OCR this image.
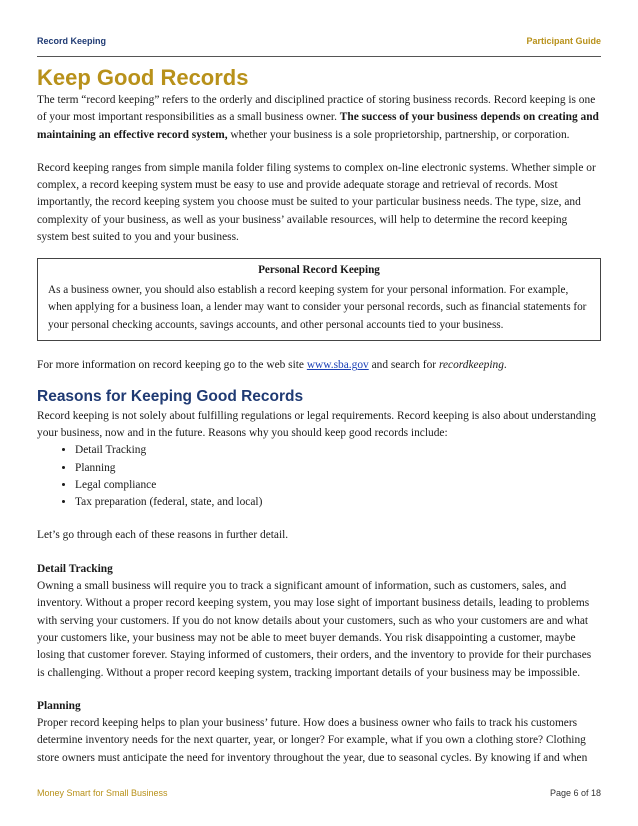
Record Keeping	Participant Guide
Keep Good Records

The term “record keeping” refers to the orderly and disciplined practice of storing business records. Record keeping is one of your most important responsibilities as a small business owner. The success of your business depends on creating and maintaining an effective record system, whether your business is a sole proprietorship, partnership, or corporation.

Record keeping ranges from simple manila folder filing systems to complex on-line electronic systems. Whether simple or complex, a record keeping system must be easy to use and provide adequate storage and retrieval of records. Most importantly, the record keeping system you choose must be suited to your particular business needs. The type, size, and complexity of your business, as well as your business’ available resources, will help to determine the record keeping system best suited to you and your business.

Personal Record Keeping
As a business owner, you should also establish a record keeping system for your personal information. For example, when applying for a business loan, a lender may want to consider your personal records, such as financial statements for your personal checking accounts, savings accounts, and other personal accounts tied to your business.

For more information on record keeping go to the web site www.sba.gov and search for recordkeeping.

Reasons for Keeping Good Records

Record keeping is not solely about fulfilling regulations or legal requirements. Record keeping is also about understanding your business, now and in the future. Reasons why you should keep good records include:

• Detail Tracking
• Planning
• Legal compliance
• Tax preparation (federal, state, and local)

Let’s go through each of these reasons in further detail.

Detail Tracking

Owning a small business will require you to track a significant amount of information, such as customers, sales, and inventory. Without a proper record keeping system, you may lose sight of important business details, leading to problems with serving your customers. If you do not know details about your customers, such as who your customers are and what your customers like, your business may not be able to meet buyer demands. You risk disappointing a customer, maybe losing that customer forever. Staying informed of customers, their orders, and the inventory to provide for their purchases is challenging. Without a proper record keeping system, tracking important details of your business may be impossible.

Planning

Proper record keeping helps to plan your business’ future. How does a business owner who fails to track his customers determine inventory needs for the next quarter, year, or longer? For example, what if you own a clothing store? Clothing store owners must anticipate the need for inventory throughout the year, due to seasonal cycles. By knowing if and when

Money Smart for Small Business	Page 6 of 18
